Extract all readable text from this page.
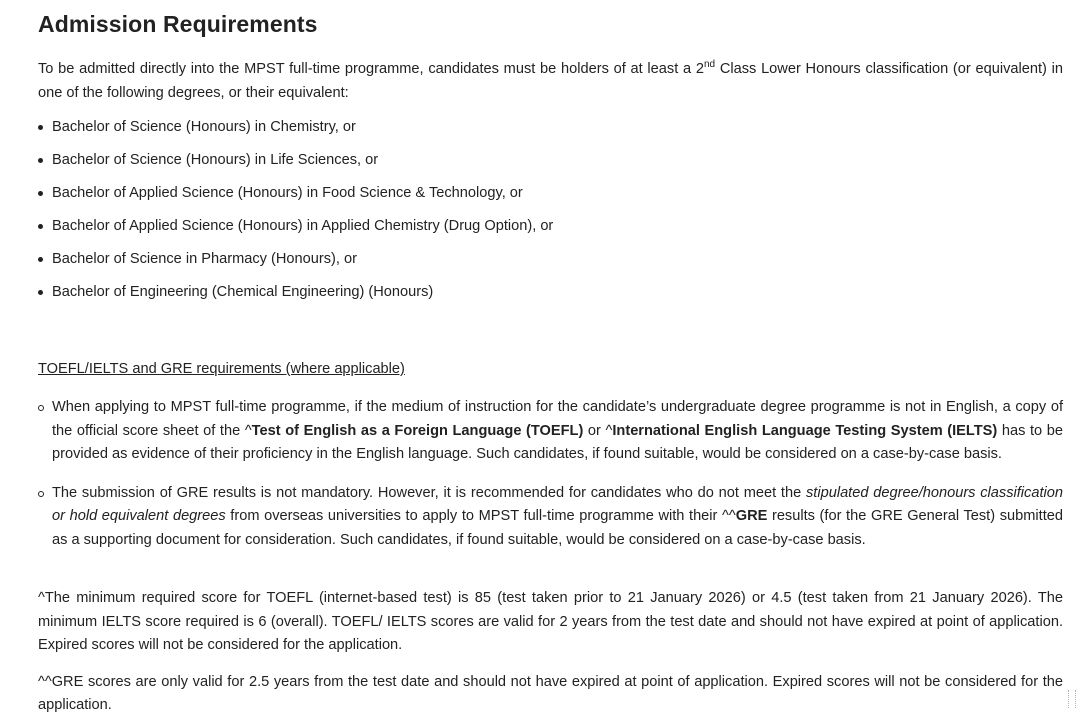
Admission Requirements

To be admitted directly into the MPST full-time programme, candidates must be holders of at least a 2nd Class Lower Honours classification (or equivalent) in one of the following degrees, or their equivalent:

Bachelor of Science (Honours) in Chemistry, or
Bachelor of Science (Honours) in Life Sciences, or
Bachelor of Applied Science (Honours) in Food Science & Technology, or
Bachelor of Applied Science (Honours) in Applied Chemistry (Drug Option), or
Bachelor of Science in Pharmacy (Honours), or
Bachelor of Engineering (Chemical Engineering) (Honours)
TOEFL/IELTS and GRE requirements (where applicable)
When applying to MPST full-time programme, if the medium of instruction for the candidate’s undergraduate degree programme is not in English, a copy of the official score sheet of the ^Test of English as a Foreign Language (TOEFL) or ^International English Language Testing System (IELTS) has to be provided as evidence of their proficiency in the English language. Such candidates, if found suitable, would be considered on a case-by-case basis.
The submission of GRE results is not mandatory. However, it is recommended for candidates who do not meet the stipulated degree/honours classification or hold equivalent degrees from overseas universities to apply to MPST full-time programme with their ^^GRE results (for the GRE General Test) submitted as a supporting document for consideration. Such candidates, if found suitable, would be considered on a case-by-case basis.

^The minimum required score for TOEFL (internet-based test) is 85 (test taken prior to 21 January 2026) or 4.5 (test taken from 21 January 2026). The minimum IELTS score required is 6 (overall). TOEFL/ IELTS scores are valid for 2 years from the test date and should not have expired at point of application. Expired scores will not be considered for the application.

^^GRE scores are only valid for 2.5 years from the test date and should not have expired at point of application. Expired scores will not be considered for the application.
